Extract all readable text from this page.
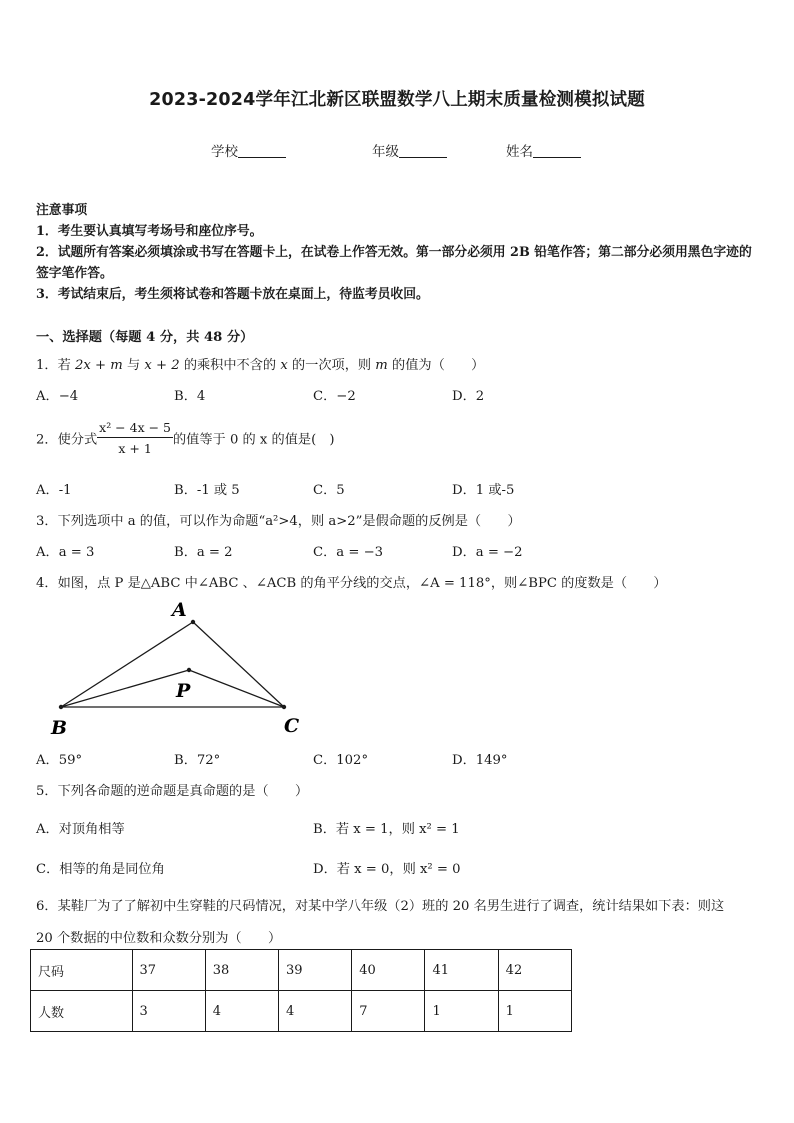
2023-2024学年江北新区联盟数学八上期末质量检测模拟试题
学校	年级	姓名

注意事项

1．考生要认真填写考场号和座位序号。

2．试题所有答案必须填涂或书写在答题卡上，在试卷上作答无效。第一部分必须用 2B 铅笔作答；第二部分必须用黑色字迹的签字笔作答。

3．考试结束后，考生须将试卷和答题卡放在桌面上，待监考员收回。

一、选择题（每题 4 分，共 48 分）
1．若 2x + m 与 x + 2 的乘积中不含的 x 的一次项，则 m 的值为（　　）
A．−4	B．4	C．−2	D．2
2．使分式 $\frac{\text{x² − 4x − 5}}{x + 1}$ 的值等于 0 的 x 的值是(　)
A．-1	B．-1 或 5	C．5	D．1 或-5
3．下列选项中 a 的值，可以作为命题“a²>4，则 a>2”是假命题的反例是（　　）
A．a = 3	B．a = 2	C．a = −3	D．a = −2
4．如图，点 P 是△ABC 中∠ABC 、∠ACB 的角平分线的交点，∠A = 118°，则∠BPC 的度数是（　　）
A
B	C
P
A．59°	B．72°	C．102°	D．149°
5．下列各命题的逆命题是真命题的是（　　）
A．对顶角相等	B．若 x = 1，则 x² = 1
C．相等的角是同位角	D．若 x = 0，则 x² = 0
6．某鞋厂为了了解初中生穿鞋的尺码情况，对某中学八年级（2）班的 20 名男生进行了调查，统计结果如下表：则这
20 个数据的中位数和众数分别为（　　）
尺码	37	38	39	40	41	42
人数	3	4	4	7	1	1
